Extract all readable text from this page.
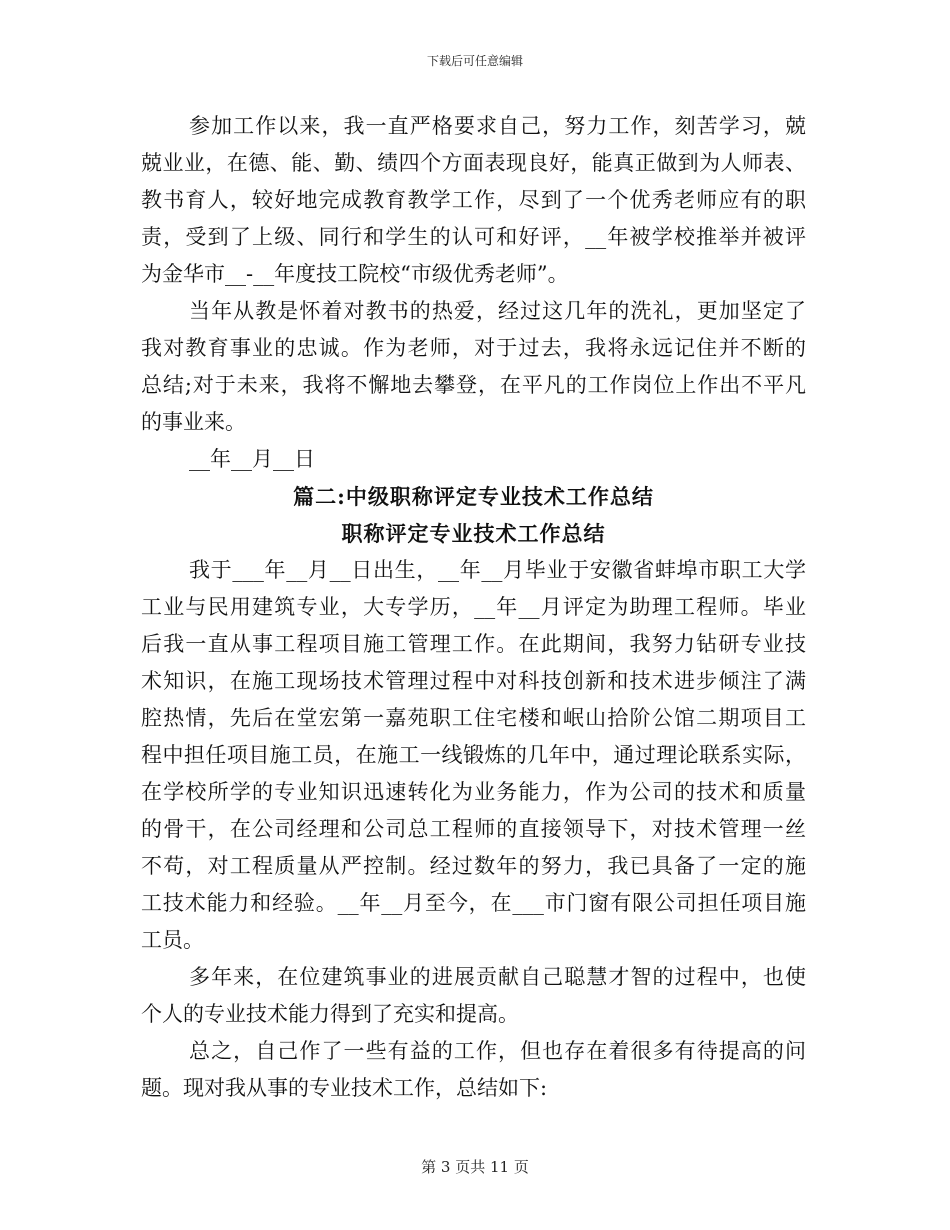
下载后可任意编辑
参加工作以来，我一直严格要求自己，努力工作，刻苦学习，兢
兢业业，在德、能、勤、绩四个方面表现良好，能真正做到为人师表、
教书育人，较好地完成教育教学工作，尽到了一个优秀老师应有的职
责，受到了上级、同行和学生的认可和好评，__年被学校推举并被评
为金华市__-__年度技工院校“市级优秀老师”。
当年从教是怀着对教书的热爱，经过这几年的洗礼，更加坚定了
我对教育事业的忠诚。作为老师，对于过去，我将永远记住并不断的
总结;对于未来，我将不懈地去攀登，在平凡的工作岗位上作出不平凡
的事业来。
__年__月__日
篇二:中级职称评定专业技术工作总结
职称评定专业技术工作总结
我于___年__月__日出生，__年__月毕业于安徽省蚌埠市职工大学
工业与民用建筑专业，大专学历，__年__月评定为助理工程师。毕业
后我一直从事工程项目施工管理工作。在此期间，我努力钻研专业技
术知识，在施工现场技术管理过程中对科技创新和技术进步倾注了满
腔热情，先后在堂宏第一嘉苑职工住宅楼和岷山拾阶公馆二期项目工
程中担任项目施工员，在施工一线锻炼的几年中，通过理论联系实际，
在学校所学的专业知识迅速转化为业务能力，作为公司的技术和质量
的骨干，在公司经理和公司总工程师的直接领导下，对技术管理一丝
不苟，对工程质量从严控制。经过数年的努力，我已具备了一定的施
工技术能力和经验。__年__月至今，在___市门窗有限公司担任项目施
工员。
多年来，在位建筑事业的进展贡献自己聪慧才智的过程中，也使
个人的专业技术能力得到了充实和提高。
总之，自己作了一些有益的工作，但也存在着很多有待提高的问
题。现对我从事的专业技术工作，总结如下:
第 3 页共 11 页
